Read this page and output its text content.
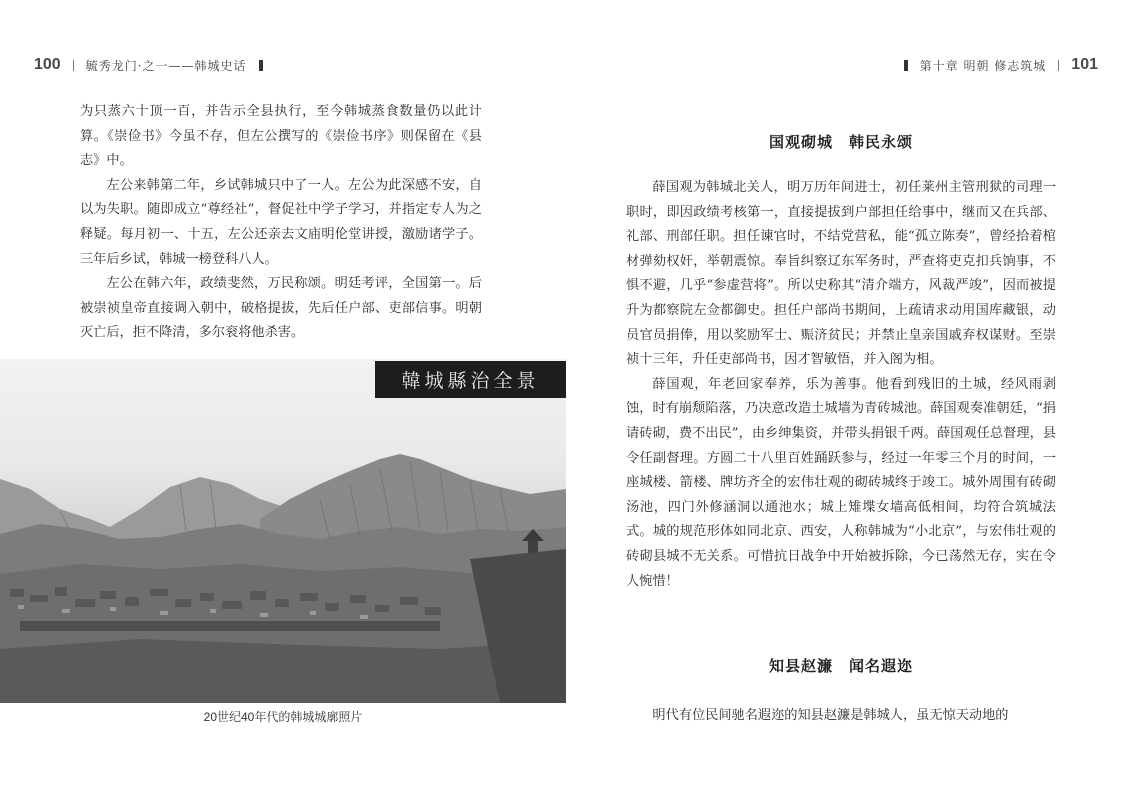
100 毓秀龙门·之一——韩城史话

为只蒸六十顶一百，并告示全县执行，至今韩城蒸食数量仍以此计算。《崇俭书》今虽不存，但左公撰写的《崇俭书序》则保留在《县志》中。

左公来韩第二年，乡试韩城只中了一人。左公为此深感不安，自以为失职。随即成立“尊经社”，督促社中学子学习，并指定专人为之释疑。每月初一、十五，左公还亲去文庙明伦堂讲授，激励诸学子。三年后乡试，韩城一榜登科八人。

左公在韩六年，政绩斐然，万民称颂。明廷考评，全国第一。后被崇祯皇帝直接调入朝中，破格提拔，先后任户部、吏部信事。明朝灭亡后，拒不降清，多尔衮将他杀害。

韓城縣治全景
20世纪40年代的韩城城廓照片
第十章 明朝 修志筑城 101
国观砌城　韩民永颂

薛国观为韩城北关人，明万历年间进士，初任莱州主管刑狱的司理一职时，即因政绩考核第一，直接提拔到户部担任给事中，继而又在兵部、礼部、刑部任职。担任谏官时，不结党营私，能“孤立陈奏”，曾经拾着棺材弹劾权奸，举朝震惊。奉旨纠察辽东军务时，严查将吏克扣兵饷事，不惧不避，几乎“参虚营将”。所以史称其“清介端方，风裁严竣”，因而被提升为都察院左佥都御史。担任户部尚书期间，上疏请求动用国库藏银，动员官员捐俸，用以奖励军士、赈济贫民；并禁止皇亲国戚弃权谋财。至崇祯十三年，升任吏部尚书，因才智敏悟，并入阁为相。

薛国观，年老回家奉养，乐为善事。他看到残旧的土城，经风雨剥蚀，时有崩颓陷落，乃决意改造土城墙为青砖城池。薛国观奏准朝廷，“捐请砖砌，费不出民”，由乡绅集资，并带头捐银千两。薛国观任总督理，县令任副督理。方圆二十八里百姓踊跃参与，经过一年零三个月的时间，一座城楼、箭楼、牌坊齐全的宏伟壮观的砌砖城终于竣工。城外周围有砖砌汤池，四门外修涵洞以通池水；城上雉堞女墙高低相间，均符合筑城法式。城的规范形体如同北京、西安，人称韩城为“小北京”，与宏伟壮观的砖砌县城不无关系。可惜抗日战争中开始被拆除，今已荡然无存，实在令人惋惜！

知县赵濂　闻名遐迩

明代有位民间驰名遐迩的知县赵濂是韩城人，虽无惊天动地的
